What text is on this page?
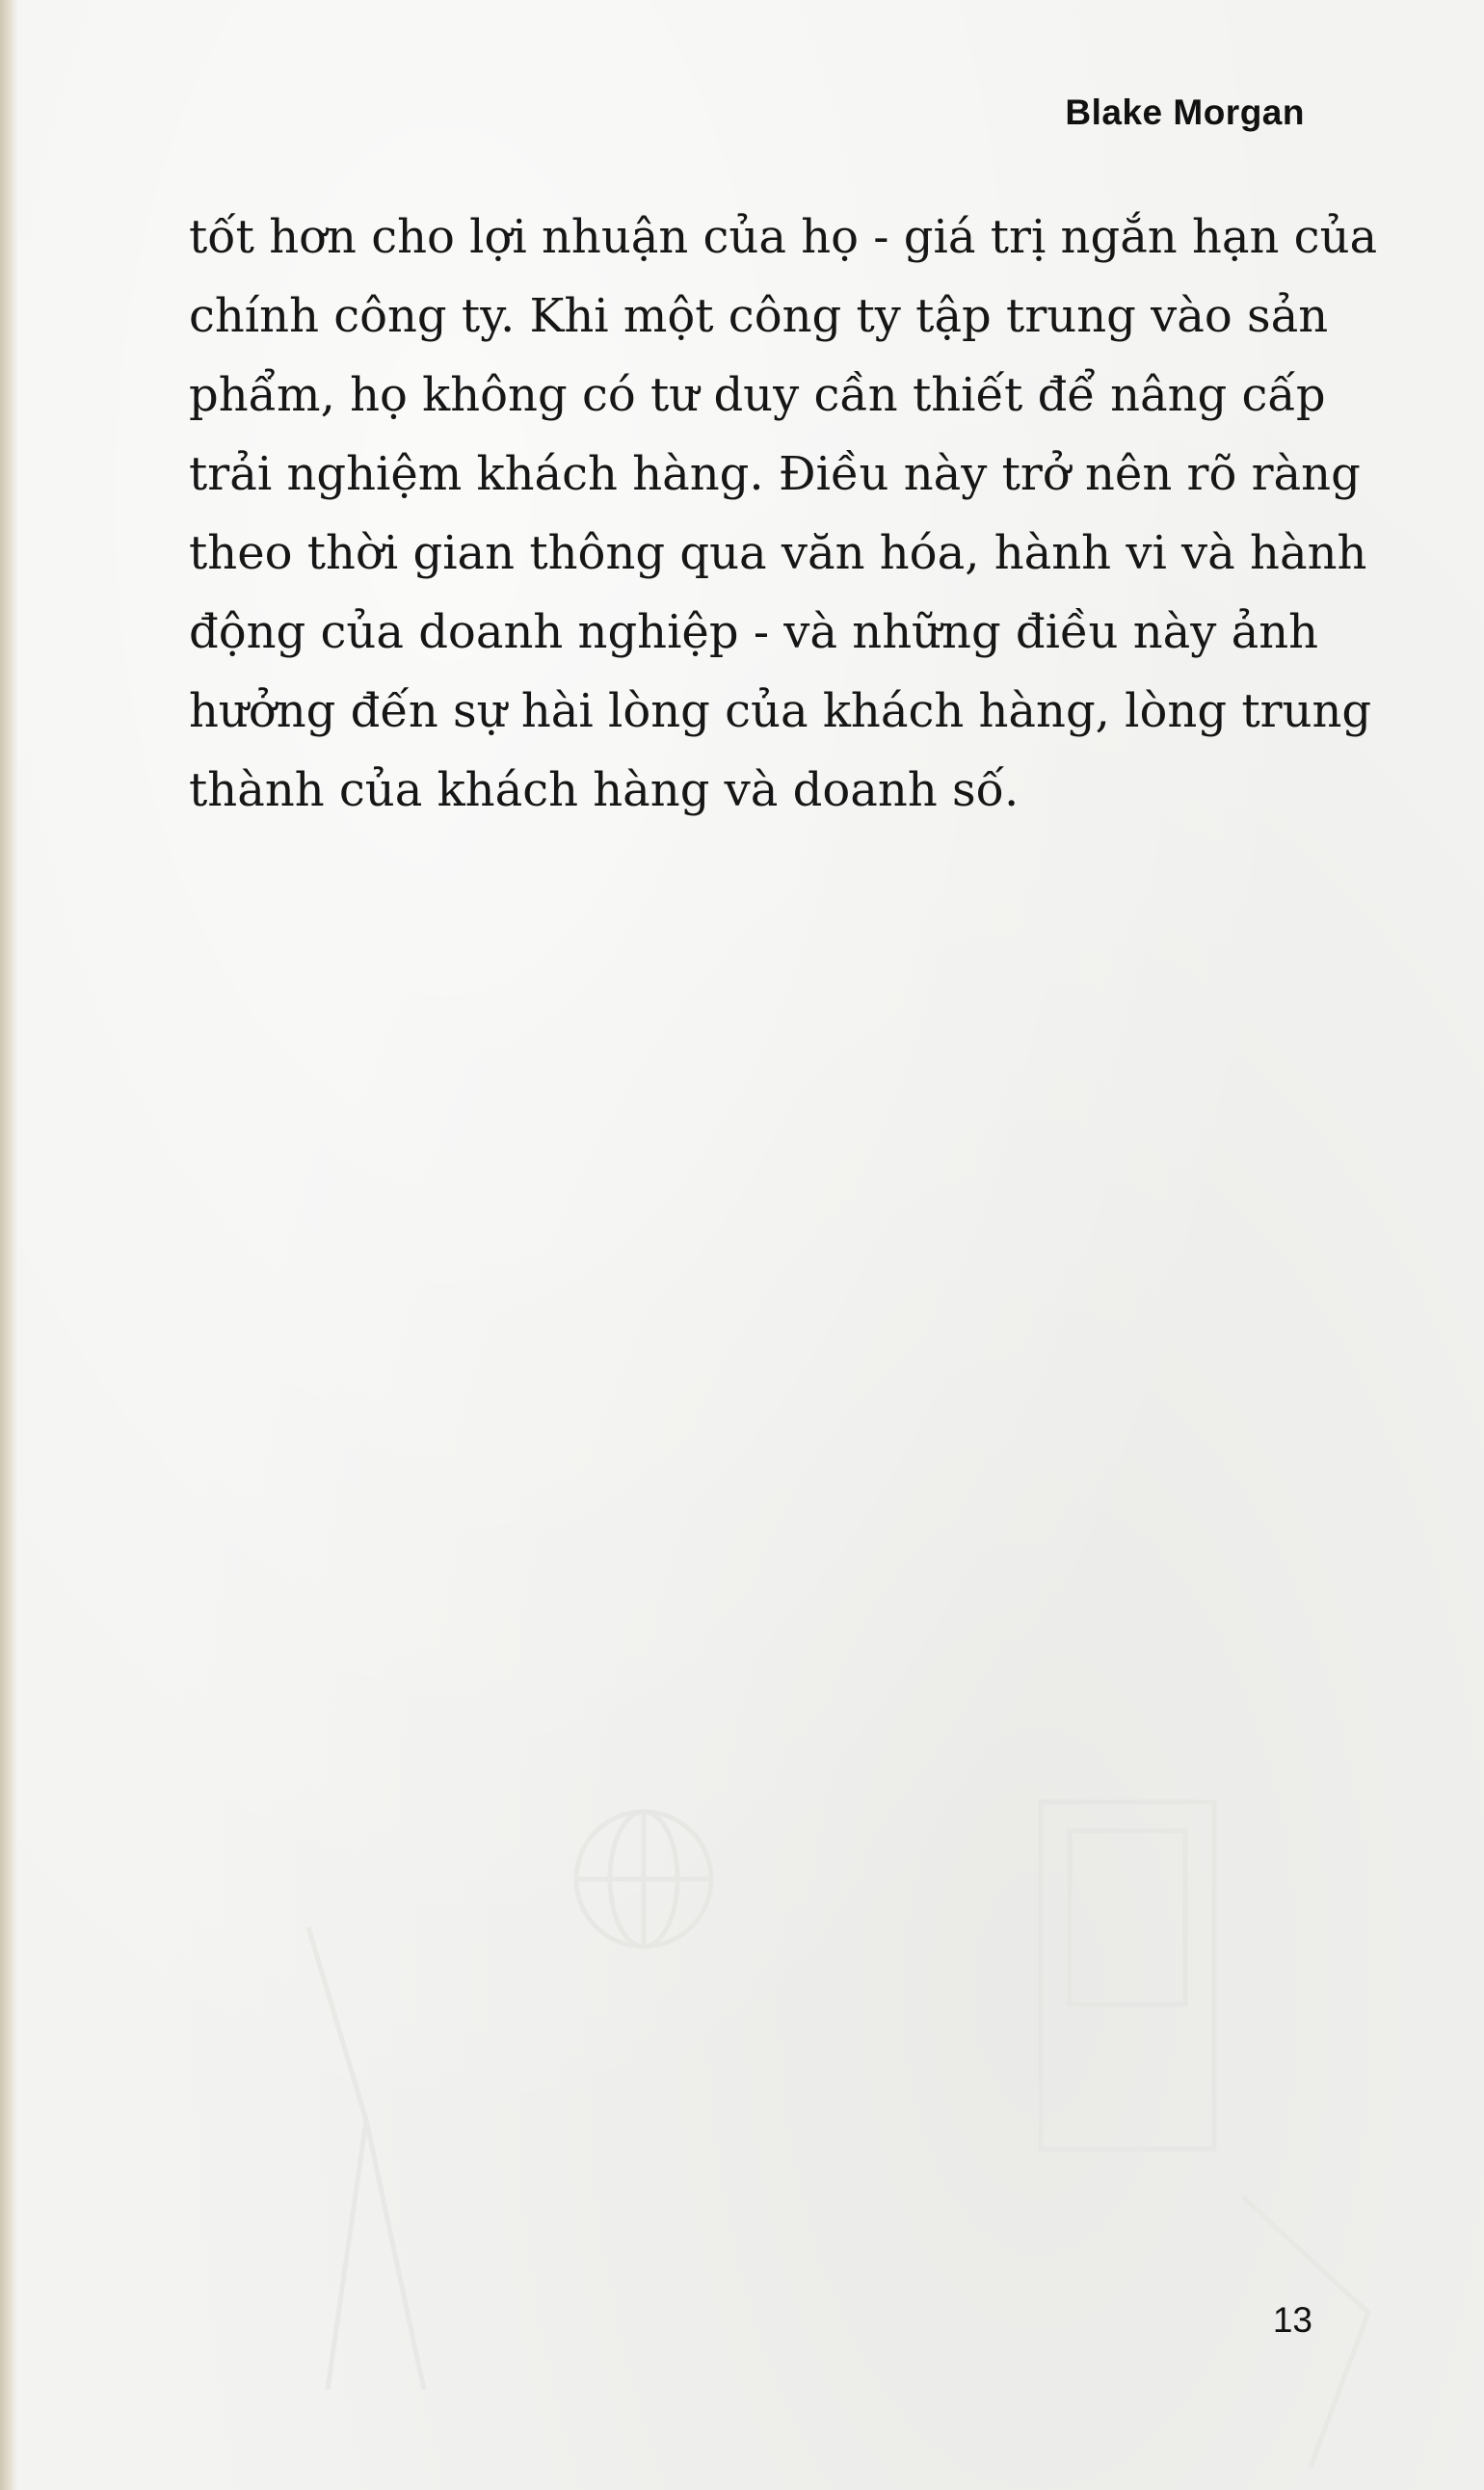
Blake Morgan
tốt hơn cho lợi nhuận của họ - giá trị ngắn hạn của
chính công ty. Khi một công ty tập trung vào sản
phẩm, họ không có tư duy cần thiết để nâng cấp
trải nghiệm khách hàng. Điều này trở nên rõ ràng
theo thời gian thông qua văn hóa, hành vi và hành
động của doanh nghiệp - và những điều này ảnh
hưởng đến sự hài lòng của khách hàng, lòng trung
thành của khách hàng và doanh số.
13
